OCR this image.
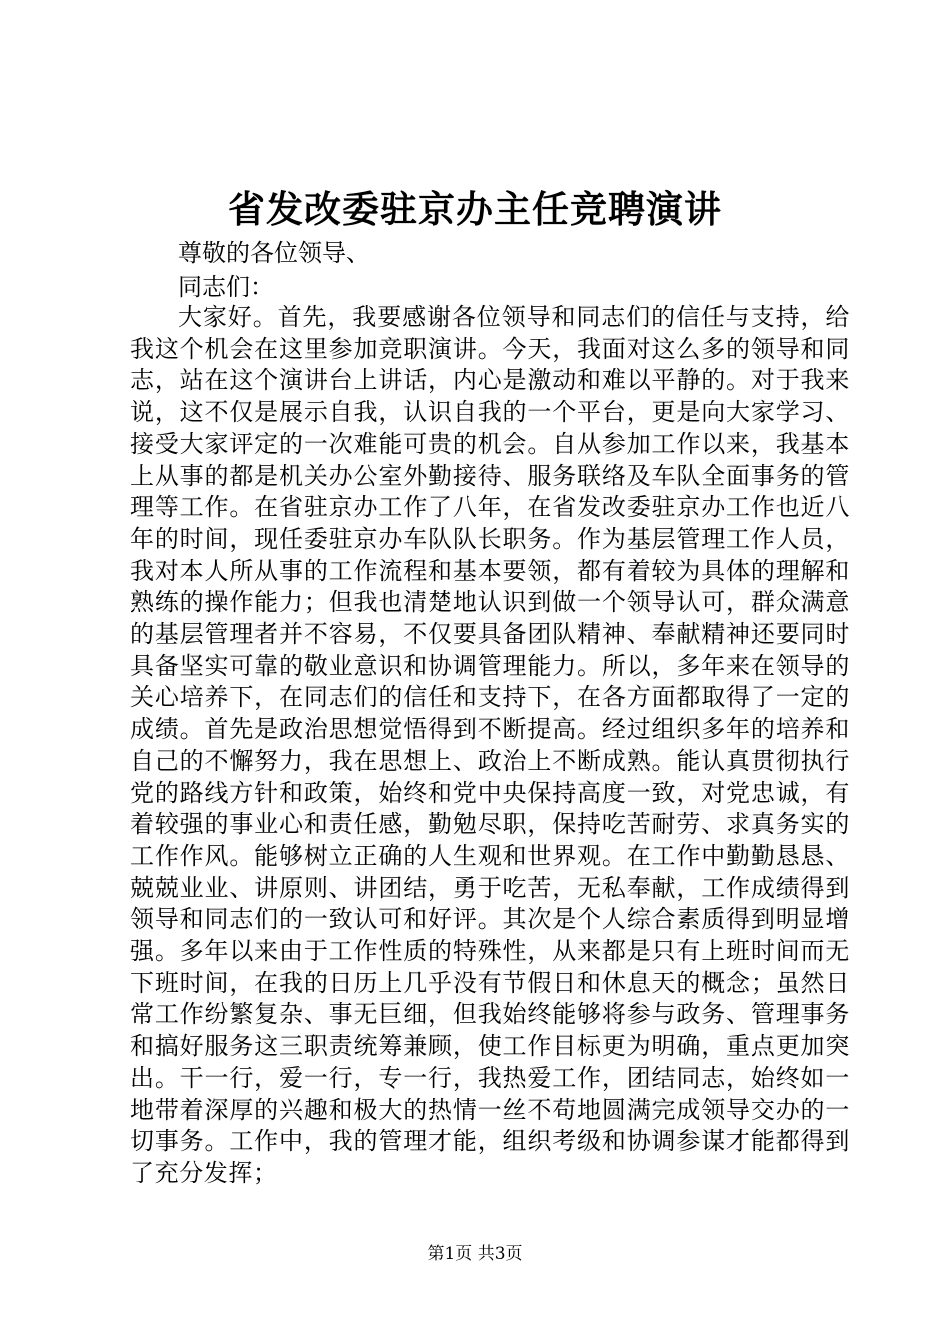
省发改委驻京办主任竞聘演讲
尊敬的各位领导、
同志们：
大家好。首先，我要感谢各位领导和同志们的信任与支持，给我这个机会在这里参加竞职演讲。今天，我面对这么多的领导和同志，站在这个演讲台上讲话，内心是激动和难以平静的。对于我来说，这不仅是展示自我，认识自我的一个平台，更是向大家学习、接受大家评定的一次难能可贵的机会。自从参加工作以来，我基本上从事的都是机关办公室外勤接待、服务联络及车队全面事务的管理等工作。在省驻京办工作了八年，在省发改委驻京办工作也近八年的时间，现任委驻京办车队队长职务。作为基层管理工作人员，我对本人所从事的工作流程和基本要领，都有着较为具体的理解和熟练的操作能力；但我也清楚地认识到做一个领导认可，群众满意的基层管理者并不容易，不仅要具备团队精神、奉献精神还要同时具备坚实可靠的敬业意识和协调管理能力。所以，多年来在领导的关心培养下，在同志们的信任和支持下，在各方面都取得了一定的成绩。首先是政治思想觉悟得到不断提高。经过组织多年的培养和自己的不懈努力，我在思想上、政治上不断成熟。能认真贯彻执行党的路线方针和政策，始终和党中央保持高度一致，对党忠诚，有着较强的事业心和责任感，勤勉尽职，保持吃苦耐劳、求真务实的工作作风。能够树立正确的人生观和世界观。在工作中勤勤恳恳、兢兢业业、讲原则、讲团结，勇于吃苦，无私奉献，工作成绩得到领导和同志们的一致认可和好评。其次是个人综合素质得到明显增强。多年以来由于工作性质的特殊性，从来都是只有上班时间而无下班时间，在我的日历上几乎没有节假日和休息天的概念；虽然日常工作纷繁复杂、事无巨细，但我始终能够将参与政务、管理事务和搞好服务这三职责统筹兼顾，使工作目标更为明确，重点更加突出。干一行，爱一行，专一行，我热爱工作，团结同志，始终如一地带着深厚的兴趣和极大的热情一丝不苟地圆满完成领导交办的一切事务。工作中，我的管理才能，组织考级和协调参谋才能都得到了充分发挥；
第1页 共3页
